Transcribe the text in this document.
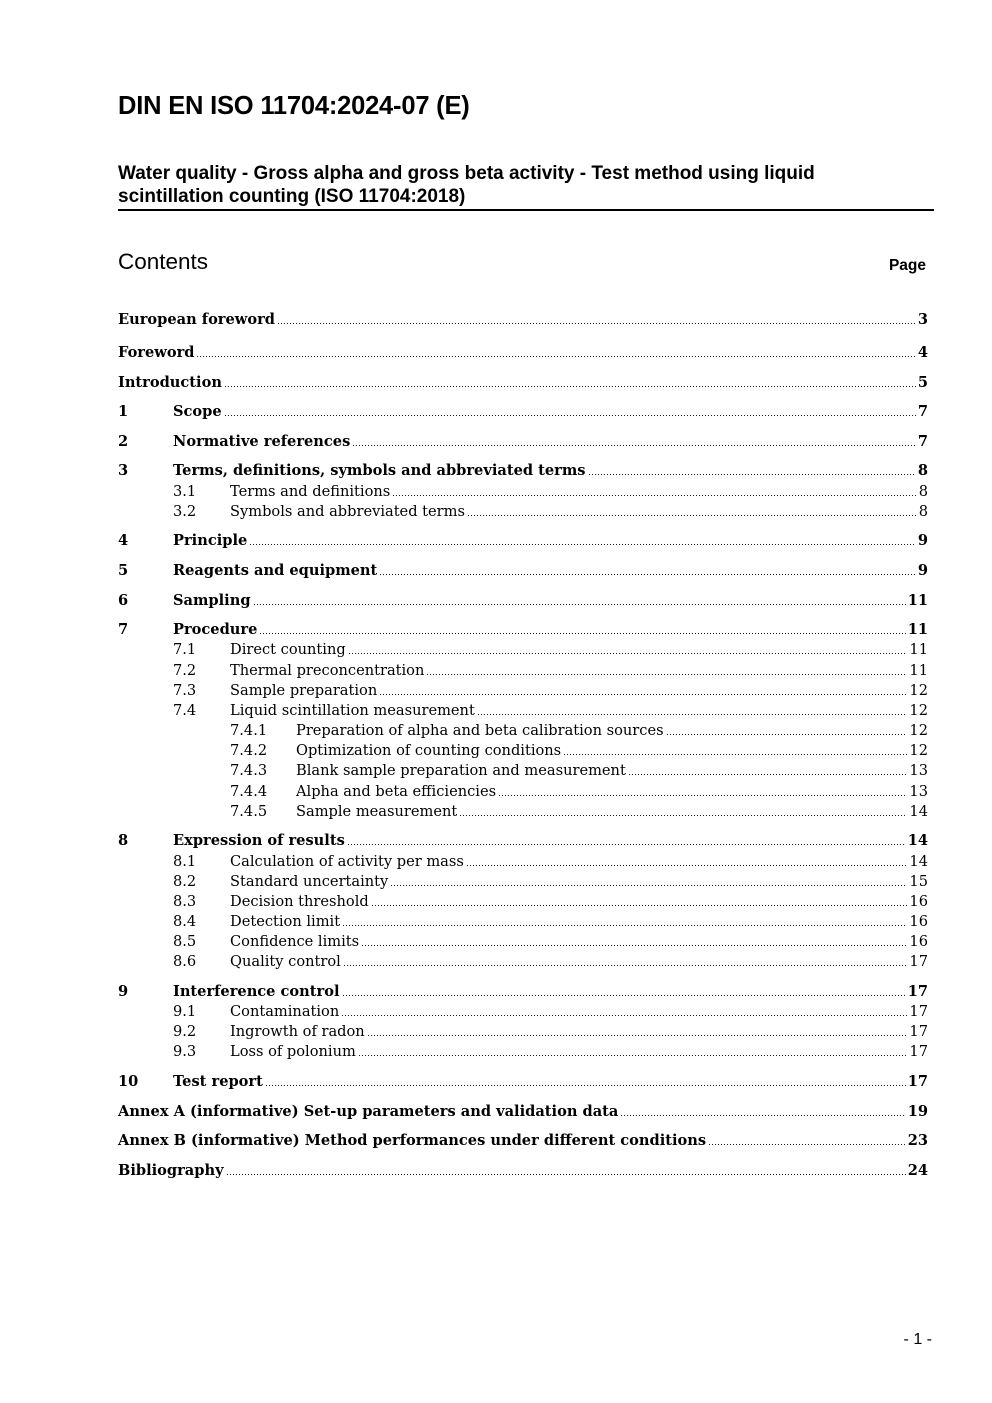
DIN EN ISO 11704:2024-07 (E)
Water quality - Gross alpha and gross beta activity - Test method using liquid
scintillation counting (ISO 11704:2018)
Contents	Page
European foreword	3
Foreword	4
Introduction	5
1	Scope	7
2	Normative references	7
3	Terms, definitions, symbols and abbreviated terms	8
3.1	Terms and definitions	8
3.2	Symbols and abbreviated terms	8
4	Principle	9
5	Reagents and equipment	9
6	Sampling	11
7	Procedure	11
7.1	Direct counting	11
7.2	Thermal preconcentration	11
7.3	Sample preparation	12
7.4	Liquid scintillation measurement	12
7.4.1	Preparation of alpha and beta calibration sources	12
7.4.2	Optimization of counting conditions	12
7.4.3	Blank sample preparation and measurement	13
7.4.4	Alpha and beta efficiencies	13
7.4.5	Sample measurement	14
8	Expression of results	14
8.1	Calculation of activity per mass	14
8.2	Standard uncertainty	15
8.3	Decision threshold	16
8.4	Detection limit	16
8.5	Confidence limits	16
8.6	Quality control	17
9	Interference control	17
9.1	Contamination	17
9.2	Ingrowth of radon	17
9.3	Loss of polonium	17
10	Test report	17
Annex A (informative) Set-up parameters and validation data	19
Annex B (informative) Method performances under different conditions	23
Bibliography	24
- 1 -
